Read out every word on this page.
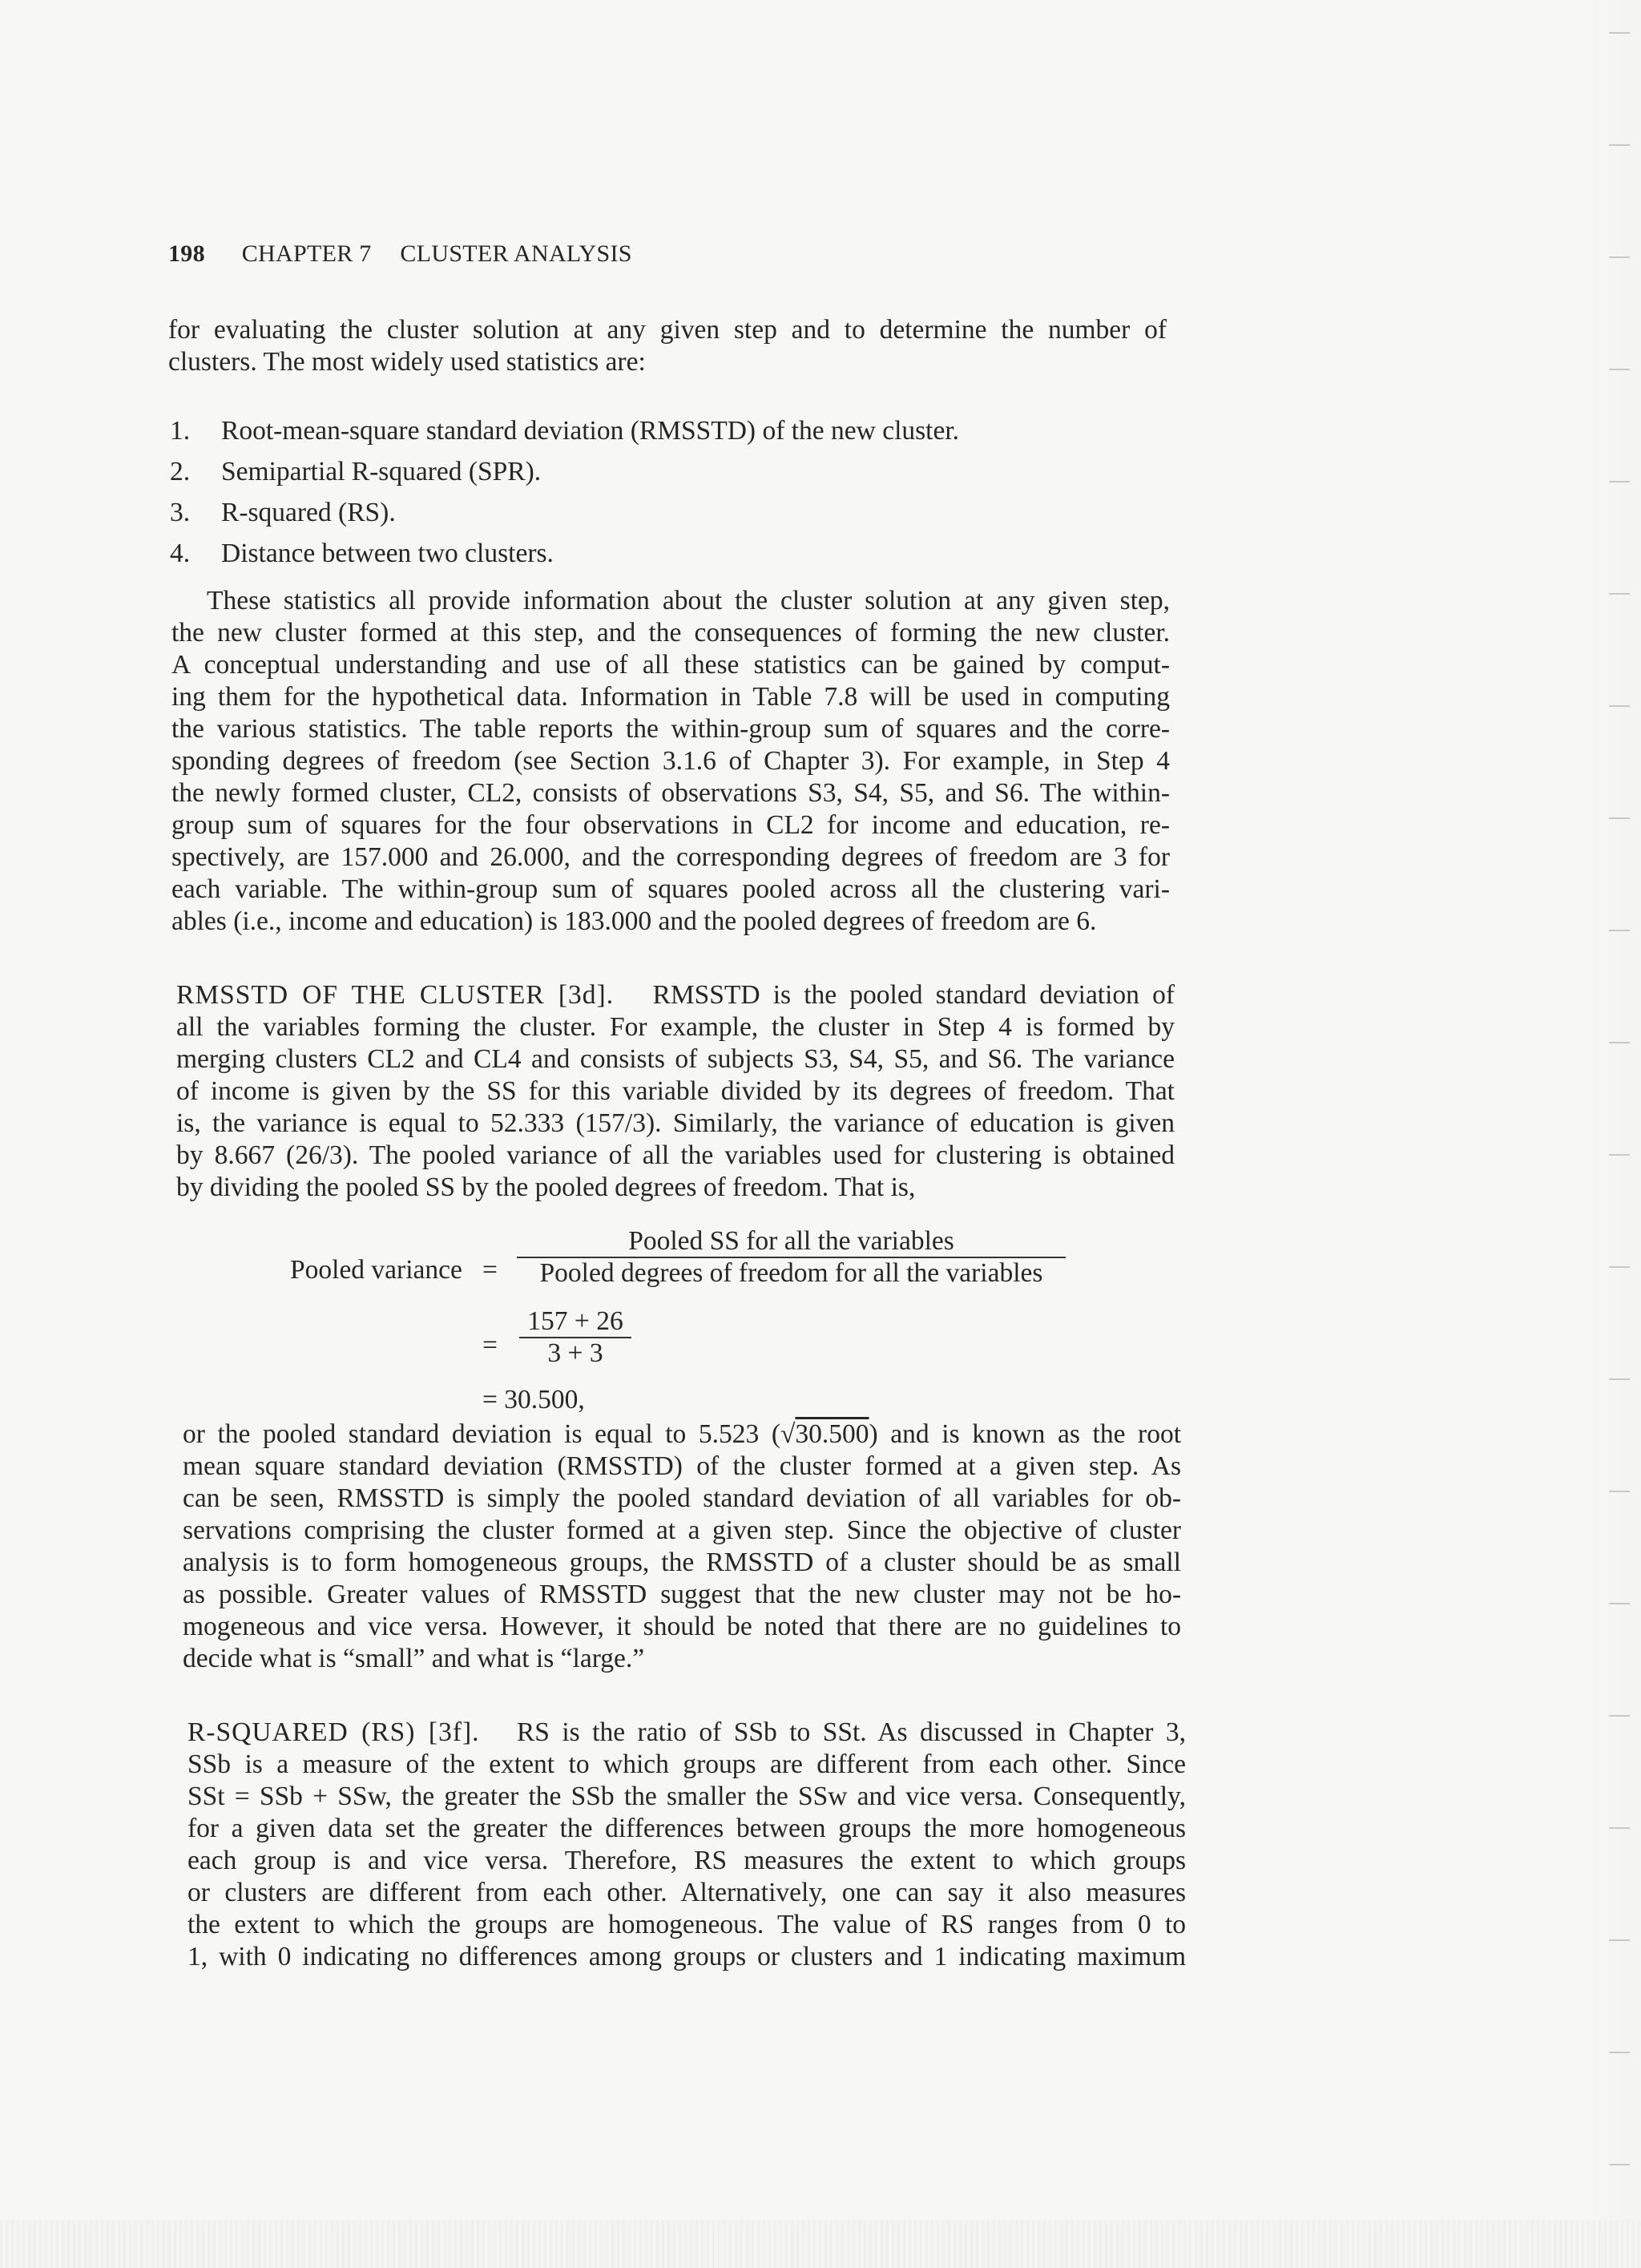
198 CHAPTER 7 CLUSTER ANALYSIS

for evaluating the cluster solution at any given step and to determine the number of

clusters. The most widely used statistics are:

1. Root-mean-square standard deviation (RMSSTD) of the new cluster.
2. Semipartial R-squared (SPR).
3. R-squared (RS).
4. Distance between two clusters.

These statistics all provide information about the cluster solution at any given step,

the new cluster formed at this step, and the consequences of forming the new cluster.

A conceptual understanding and use of all these statistics can be gained by comput-

ing them for the hypothetical data. Information in Table 7.8 will be used in computing

the various statistics. The table reports the within-group sum of squares and the corre-

sponding degrees of freedom (see Section 3.1.6 of Chapter 3). For example, in Step 4

the newly formed cluster, CL2, consists of observations S3, S4, S5, and S6. The within-

group sum of squares for the four observations in CL2 for income and education, re-

spectively, are 157.000 and 26.000, and the corresponding degrees of freedom are 3 for

each variable. The within-group sum of squares pooled across all the clustering vari-

ables (i.e., income and education) is 183.000 and the pooled degrees of freedom are 6.

RMSSTD OF THE CLUSTER [3d]. RMSSTD is the pooled standard deviation of

all the variables forming the cluster. For example, the cluster in Step 4 is formed by

merging clusters CL2 and CL4 and consists of subjects S3, S4, S5, and S6. The variance

of income is given by the SS for this variable divided by its degrees of freedom. That

is, the variance is equal to 52.333 (157/3). Similarly, the variance of education is given

by 8.667 (26/3). The pooled variance of all the variables used for clustering is obtained

by dividing the pooled SS by the pooled degrees of freedom. That is,

Pooled variance =
Pooled SS for all the variables
Pooled degrees of freedom for all the variables
=
157 + 26
3 + 3
= 30.500,

or the pooled standard deviation is equal to 5.523 (√30.500) and is known as the root

mean square standard deviation (RMSSTD) of the cluster formed at a given step. As

can be seen, RMSSTD is simply the pooled standard deviation of all variables for ob-

servations comprising the cluster formed at a given step. Since the objective of cluster

analysis is to form homogeneous groups, the RMSSTD of a cluster should be as small

as possible. Greater values of RMSSTD suggest that the new cluster may not be ho-

mogeneous and vice versa. However, it should be noted that there are no guidelines to

decide what is “small” and what is “large.”

R-SQUARED (RS) [3f]. RS is the ratio of SSb to SSt. As discussed in Chapter 3,

SSb is a measure of the extent to which groups are different from each other. Since

SSt = SSb + SSw, the greater the SSb the smaller the SSw and vice versa. Consequently,

for a given data set the greater the differences between groups the more homogeneous

each group is and vice versa. Therefore, RS measures the extent to which groups

or clusters are different from each other. Alternatively, one can say it also measures

the extent to which the groups are homogeneous. The value of RS ranges from 0 to

1, with 0 indicating no differences among groups or clusters and 1 indicating maximum
